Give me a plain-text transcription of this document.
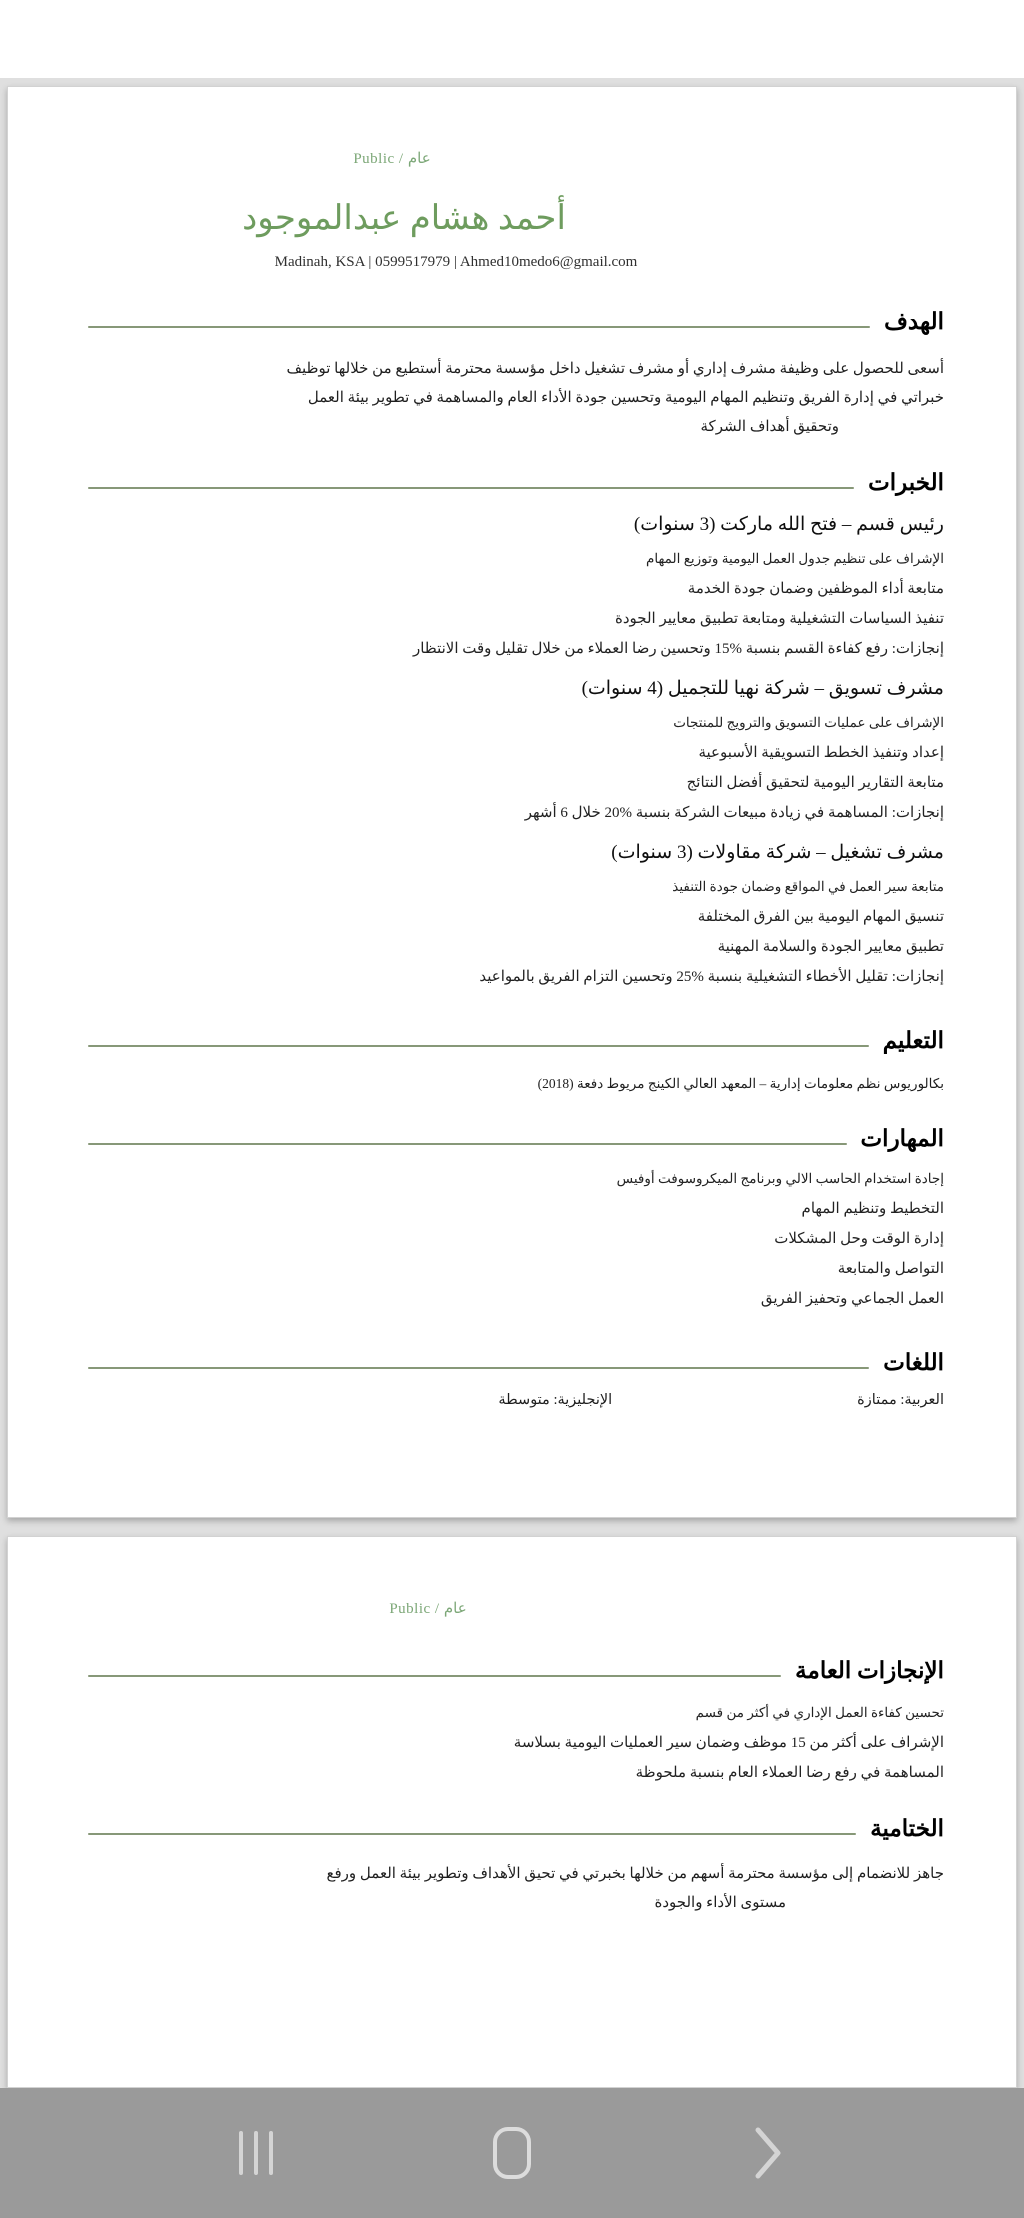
Public / عام
أحمد هشام عبدالموجود
Madinah, KSA | 0599517979 | Ahmed10medo6@gmail.com
الهدف
أسعى للحصول على وظيفة مشرف إداري أو مشرف تشغيل داخل مؤسسة محترمة أستطيع من خلالها توظيف
خبراتي في إدارة الفريق وتنظيم المهام اليومية وتحسين جودة الأداء العام والمساهمة في تطوير بيئة العمل
وتحقيق أهداف الشركة
الخبرات
رئيس قسم – فتح الله ماركت (3 سنوات)
الإشراف على تنظيم جدول العمل اليومية وتوزيع المهام
متابعة أداء الموظفين وضمان جودة الخدمة
تنفيذ السياسات التشغيلية ومتابعة تطبيق معايير الجودة
إنجازات: رفع كفاءة القسم بنسبة %15 وتحسين رضا العملاء من خلال تقليل وقت الانتظار
مشرف تسويق – شركة نهيا للتجميل (4 سنوات)
الإشراف على عمليات التسويق والترويج للمنتجات
إعداد وتنفيذ الخطط التسويقية الأسبوعية
متابعة التقارير اليومية لتحقيق أفضل النتائج
إنجازات: المساهمة في زيادة مبيعات الشركة بنسبة %20 خلال 6 أشهر
مشرف تشغيل – شركة مقاولات (3 سنوات)
متابعة سير العمل في المواقع وضمان جودة التنفيذ
تنسيق المهام اليومية بين الفرق المختلفة
تطبيق معايير الجودة والسلامة المهنية
إنجازات: تقليل الأخطاء التشغيلية بنسبة %25 وتحسين التزام الفريق بالمواعيد
التعليم
بكالوريوس نظم معلومات إدارية – المعهد العالي الكينج مريوط دفعة (2018)
المهارات
إجادة استخدام الحاسب الالي وبرنامج الميكروسوفت أوفيس
التخطيط وتنظيم المهام
إدارة الوقت وحل المشكلات
التواصل والمتابعة
العمل الجماعي وتحفيز الفريق
اللغات
العربية: ممتازة
الإنجليزية: متوسطة
Public / عام
الإنجازات العامة
تحسين كفاءة العمل الإداري في أكثر من قسم
الإشراف على أكثر من 15 موظف وضمان سير العمليات اليومية بسلاسة
المساهمة في رفع رضا العملاء العام بنسبة ملحوظة
الختامية
جاهز للانضمام إلى مؤسسة محترمة أسهم من خلالها بخبرتي في تحيق الأهداف وتطوير بيئة العمل ورفع
مستوى الأداء والجودة
